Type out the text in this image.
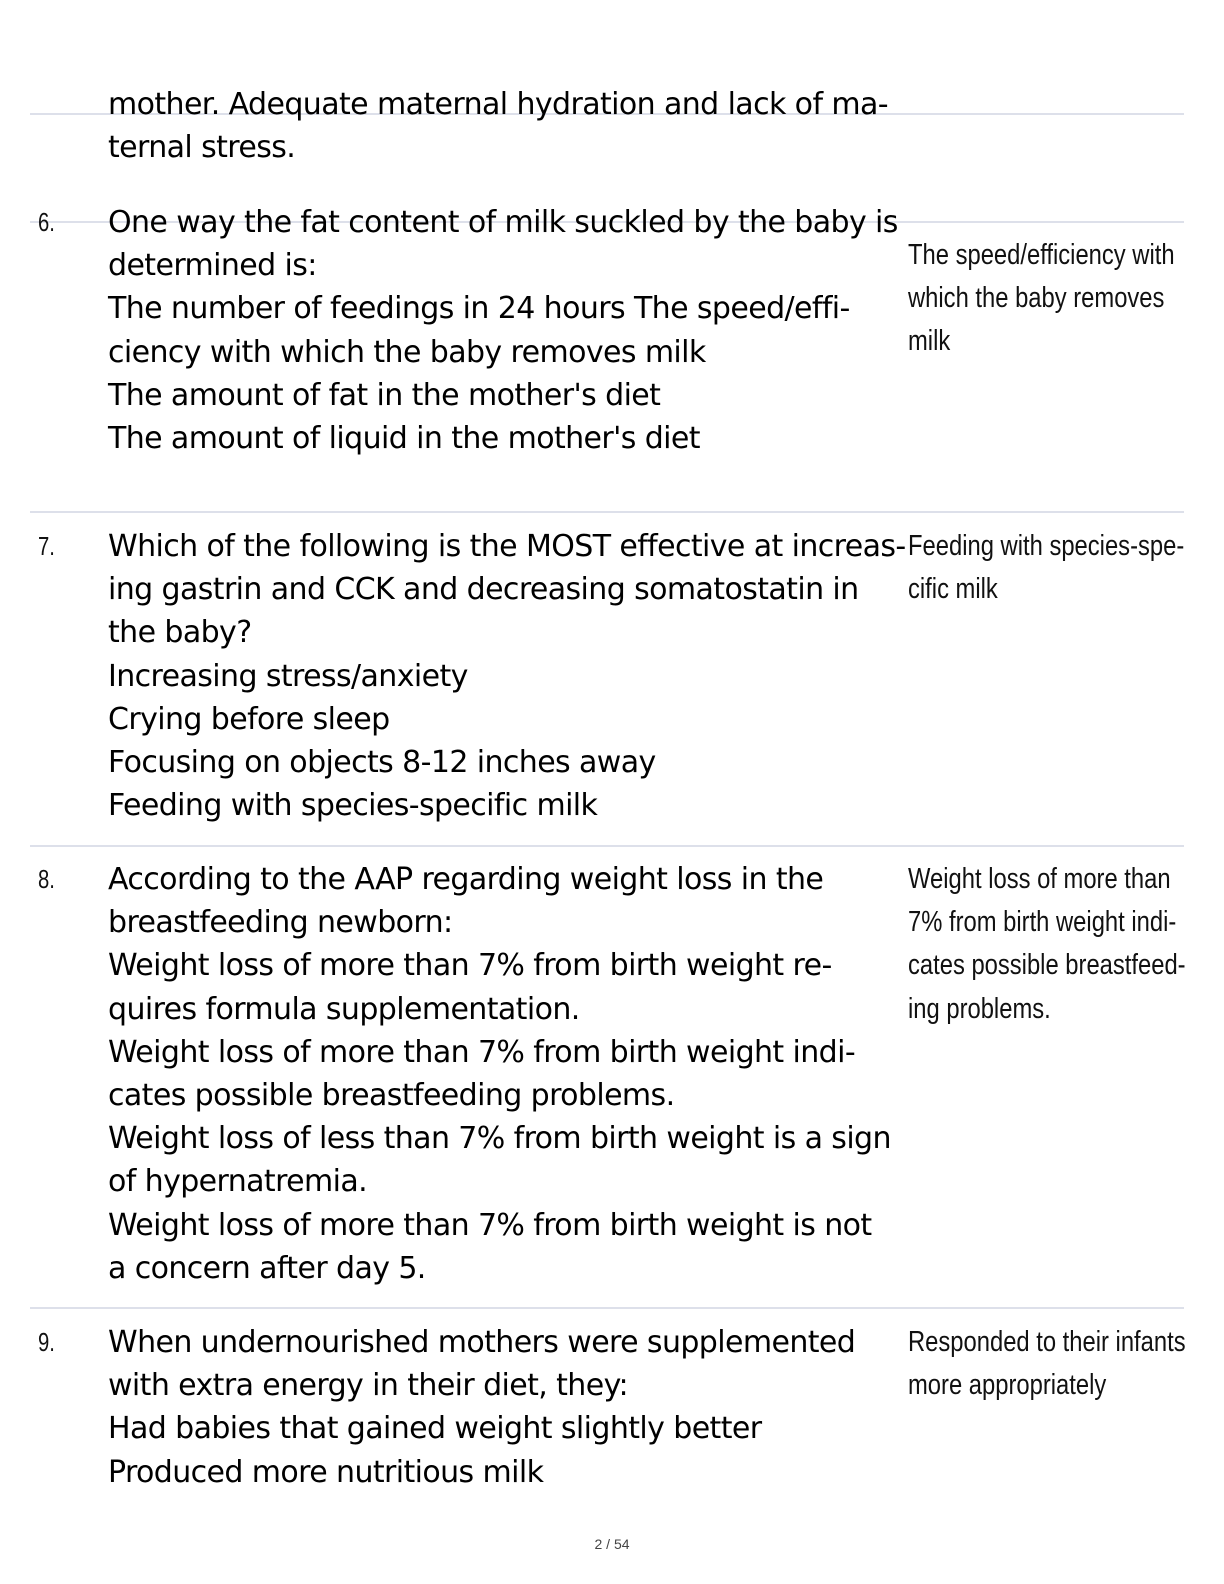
mother. Adequate maternal hydration and lack of ma-
ternal stress.
6. One way the fat content of milk suckled by the baby is
determined is:
The number of feedings in 24 hours The speed/effi-
ciency with which the baby removes milk
The amount of fat in the mother's diet
The amount of liquid in the mother's diet
The speed/efficiency with
which the baby removes
milk
7. Which of the following is the MOST effective at increas-
ing gastrin and CCK and decreasing somatostatin in
the baby?
Increasing stress/anxiety
Crying before sleep
Focusing on objects 8-12 inches away
Feeding with species-specific milk
Feeding with species-spe-
cific milk
8. According to the AAP regarding weight loss in the
breastfeeding newborn:
Weight loss of more than 7% from birth weight re-
quires formula supplementation.
Weight loss of more than 7% from birth weight indi-
cates possible breastfeeding problems.
Weight loss of less than 7% from birth weight is a sign
of hypernatremia.
Weight loss of more than 7% from birth weight is not
a concern after day 5.
Weight loss of more than
7% from birth weight indi-
cates possible breastfeed-
ing problems.
9. When undernourished mothers were supplemented
with extra energy in their diet, they:
Had babies that gained weight slightly better
Produced more nutritious milk
Responded to their infants
more appropriately
2 / 54
